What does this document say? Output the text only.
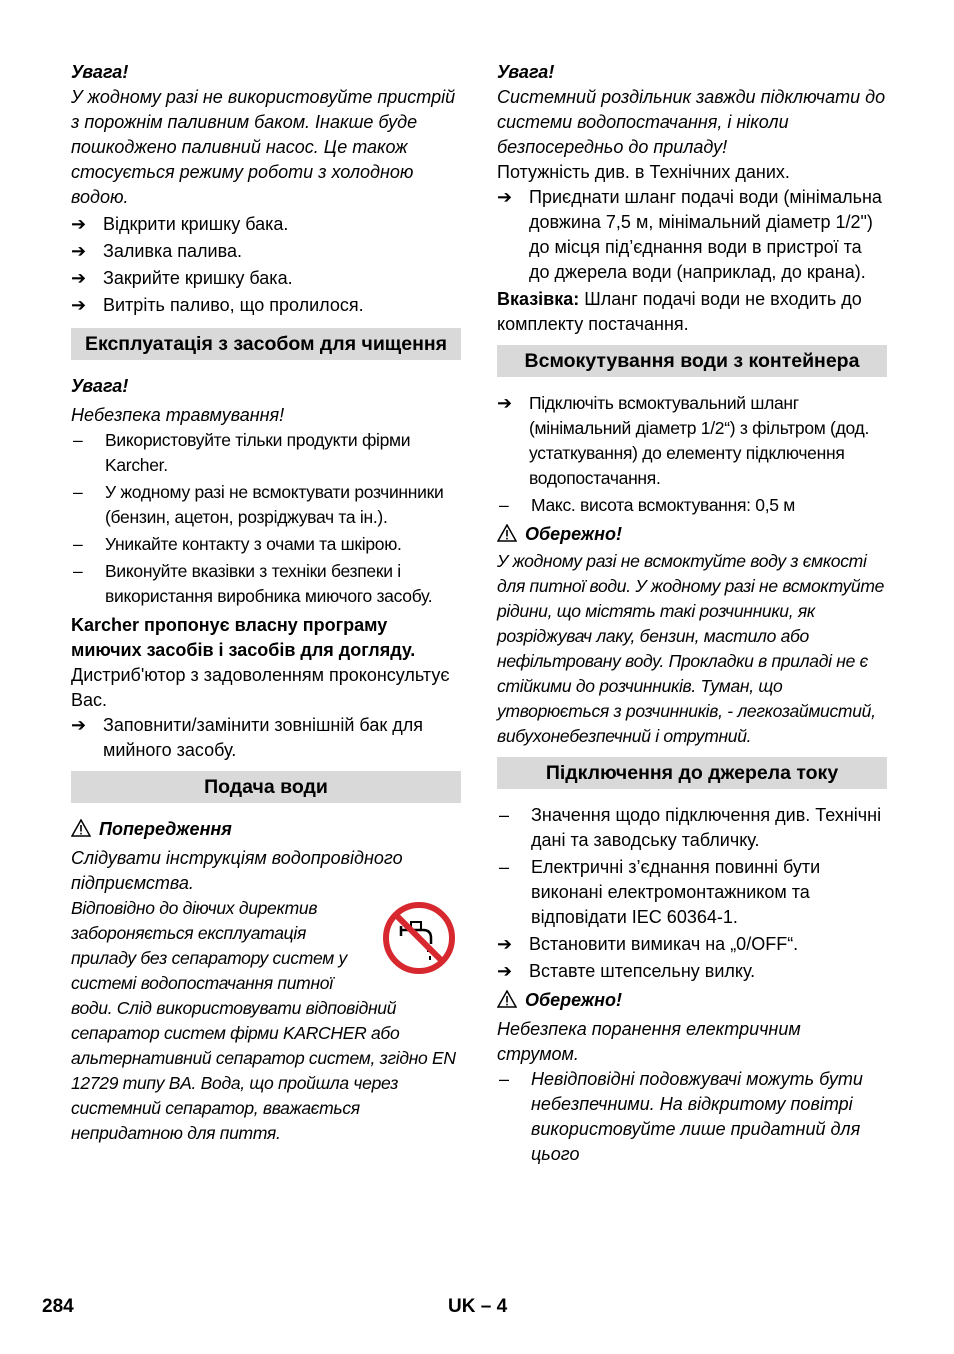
Увага!

У жодному разі не використовуйте пристрій з порожнім паливним баком. Інакше буде пошкоджено паливний насос. Це також стосується режиму роботи з холодною водою.

➔ Відкрити кришку бака.
➔ Заливка палива.
➔ Закрийте кришку бака.
➔ Витріть паливо, що пролилося.
Експлуатація з засобом для чищення

Увага!

Небезпека травмування!

–	Використовуйте тільки продукти фірми Karcher.
–	У жодному разі не всмоктувати розчинники (бензин, ацетон, розріджувач та ін.).
–	Уникайте контакту з очами та шкірою.
–	Виконуйте вказівки з техніки безпеки і використання виробника миючого засобу.

Karcher пропонує власну програму миючих засобів і засобів для догляду.

Дистриб'ютор з задоволенням проконсультує Вас.

➔ Заповнити/замінити зовнішній бак для мийного засобу.
Подача води

Попередження

Слідувати інструкціям водопровідного підприємства.

Відповідно до діючих директив забороняється експлуатація приладу без сепаратору систем у системі водопостачання питної води. Слід використовувати відповідний сепаратор систем фірми KARCHER або альтернативний сепаратор систем, згідно EN 12729 типу BA. Вода, що пройшла через системний сепаратор, вважається непридатною для пиття.

Увага!

Системний роздільник завжди підключати до системи водопостачання, і ніколи безпосередньо до приладу!

Потужність див. в Технічних даних.

➔ Приєднати шланг подачі води (мінімальна довжина 7,5 м, мінімальний діаметр 1/2") до місця під’єднання води в пристрої та до джерела води (наприклад, до крана).

Вказівка: Шланг подачі води не входить до комплекту постачання.

Всмокутування води з контейнера
➔ Підключіть всмоктувальний шланг (мінімальний діаметр 1/2“) з фільтром (дод. устаткування) до елементу підключення водопостачання.
–	Макс. висота всмоктування: 0,5 м

Обережно!

У жодному разі не всмоктуйте воду з ємкості для питної води. У жодному разі не всмоктуйте рідини, що містять такі розчинники, як розріджувач лаку, бензин, мастило або нефільтровану воду. Прокладки в приладі не є стійкими до розчинників. Туман, що утворюється з розчинників, - легкозаймистий, вибухонебезпечний і отрутний.

Підключення до джерела току
–	Значення щодо підключення див. Технічні дані та заводську табличку.
–	Електричні з’єднання повинні бути виконані електромонтажником та відповідати IEC 60364-1.
➔ Встановити вимикач на „0/OFF“.
➔ Вставте штепсельну вилку.

Обережно!

Небезпека поранення електричним струмом.

–	Невідповідні подовжувачі можуть бути небезпечними. На відкритому повітрі використовуйте лише придатний для цього
284	UK – 4
